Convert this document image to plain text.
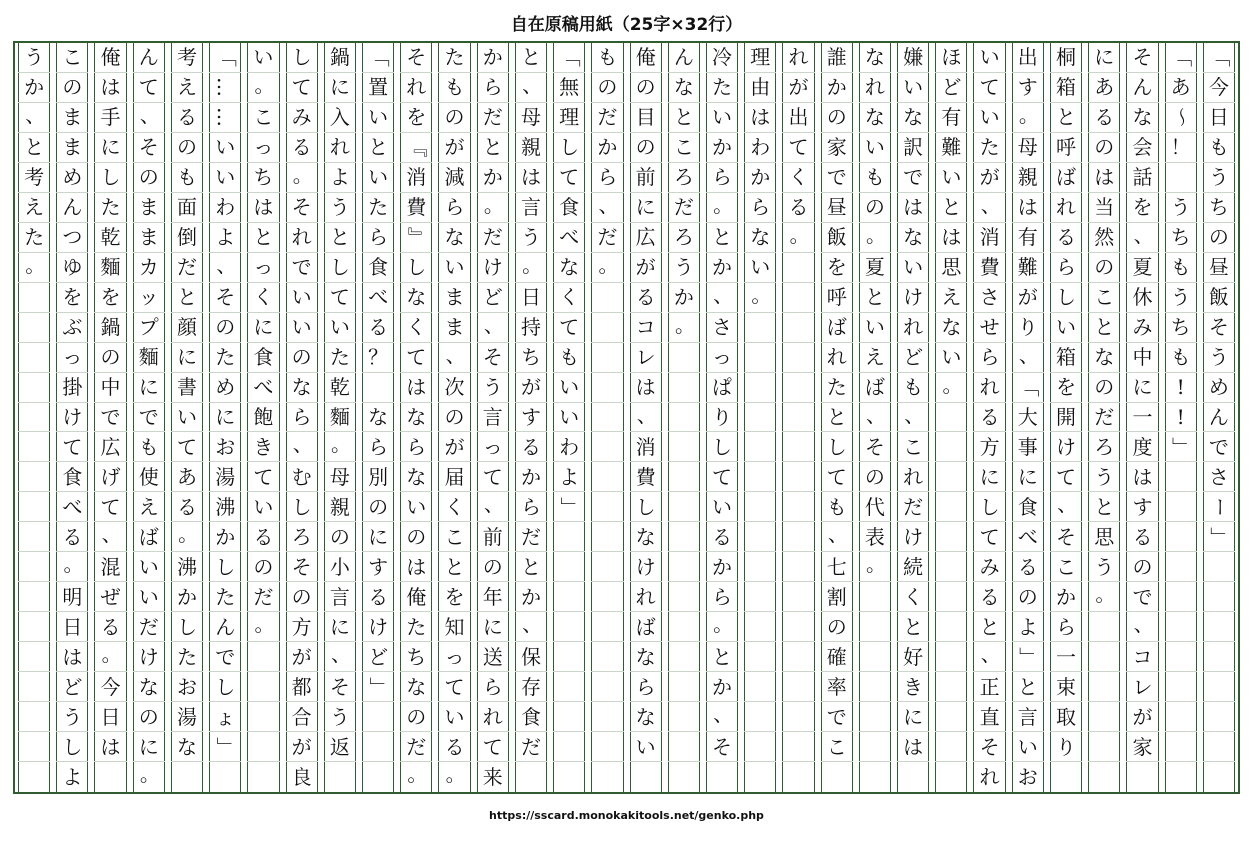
自在原稿用紙（25字×32行）
「
今
日
も
う
ち
の
昼
飯
そ
う
め
ん
で
さ
ー
」
「
あ
～
！
う
ち
も
う
ち
も
!
!
」
そ
ん
な
会
話
を
、
夏
休
み
中
に
一
度
は
す
る
の
で
、
コ
レ
が
家
に
あ
る
の
は
当
然
の
こ
と
な
の
だ
ろ
う
と
思
う
。
桐
箱
と
呼
ば
れ
る
ら
し
い
箱
を
開
け
て
、
そ
こ
か
ら
一
束
取
り
出
す
。
母
親
は
有
難
が
り
、
「
大
事
に
食
べ
る
の
よ
」
と
言
い
お
い
て
い
た
が
、
消
費
さ
せ
ら
れ
る
方
に
し
て
み
る
と
、
正
直
そ
れ
ほ
ど
有
難
い
と
は
思
え
な
い
。
嫌
い
な
訳
で
は
な
い
け
れ
ど
も
、
こ
れ
だ
け
続
く
と
好
き
に
は
な
れ
な
い
も
の
。
夏
と
い
え
ば
、
そ
の
代
表
。
誰
か
の
家
で
昼
飯
を
呼
ば
れ
た
と
し
て
も
、
七
割
の
確
率
で
こ
れ
が
出
て
く
る
。
理
由
は
わ
か
ら
な
い
。
冷
た
い
か
ら
。
と
か
、
さ
っ
ぱ
り
し
て
い
る
か
ら
。
と
か
、
そ
ん
な
と
こ
ろ
だ
ろ
う
か
。
俺
の
目
の
前
に
広
が
る
コ
レ
は
、
消
費
し
な
け
れ
ば
な
ら
な
い
も
の
だ
か
ら
、
だ
。
「
無
理
し
て
食
べ
な
く
て
も
い
い
わ
よ
」
と
、
母
親
は
言
う
。
日
持
ち
が
す
る
か
ら
だ
と
か
、
保
存
食
だ
か
ら
だ
と
か
。
だ
け
ど
、
そ
う
言
っ
て
、
前
の
年
に
送
ら
れ
て
来
た
も
の
が
減
ら
な
い
ま
ま
、
次
の
が
届
く
こ
と
を
知
っ
て
い
る
。
そ
れ
を
『
消
費
』
し
な
く
て
は
な
ら
な
い
の
は
俺
た
ち
な
の
だ
。
「
置
い
と
い
た
ら
食
べ
る
？
な
ら
別
の
に
す
る
け
ど
」
鍋
に
入
れ
よ
う
と
し
て
い
た
乾
麵
。
母
親
の
小
言
に
、
そ
う
返
し
て
み
る
。
そ
れ
で
い
い
の
な
ら
、
む
し
ろ
そ
の
方
が
都
合
が
良
い
。
こ
っ
ち
は
と
っ
く
に
食
べ
飽
き
て
い
る
の
だ
。
「
…
…
い
い
わ
よ
、
そ
の
た
め
に
お
湯
沸
か
し
た
ん
で
し
ょ
」
考
え
る
の
も
面
倒
だ
と
顔
に
書
い
て
あ
る
。
沸
か
し
た
お
湯
な
ん
て
、
そ
の
ま
ま
カ
ッ
プ
麵
に
で
も
使
え
ば
い
い
だ
け
な
の
に
。
俺
は
手
に
し
た
乾
麵
を
鍋
の
中
で
広
げ
て
、
混
ぜ
る
。
今
日
は
こ
の
ま
ま
め
ん
つ
ゆ
を
ぶ
っ
掛
け
て
食
べ
る
。
明
日
は
ど
う
し
よ
う
か
、
と
考
え
た
。
https://sscard.monokakitools.net/genko.php
